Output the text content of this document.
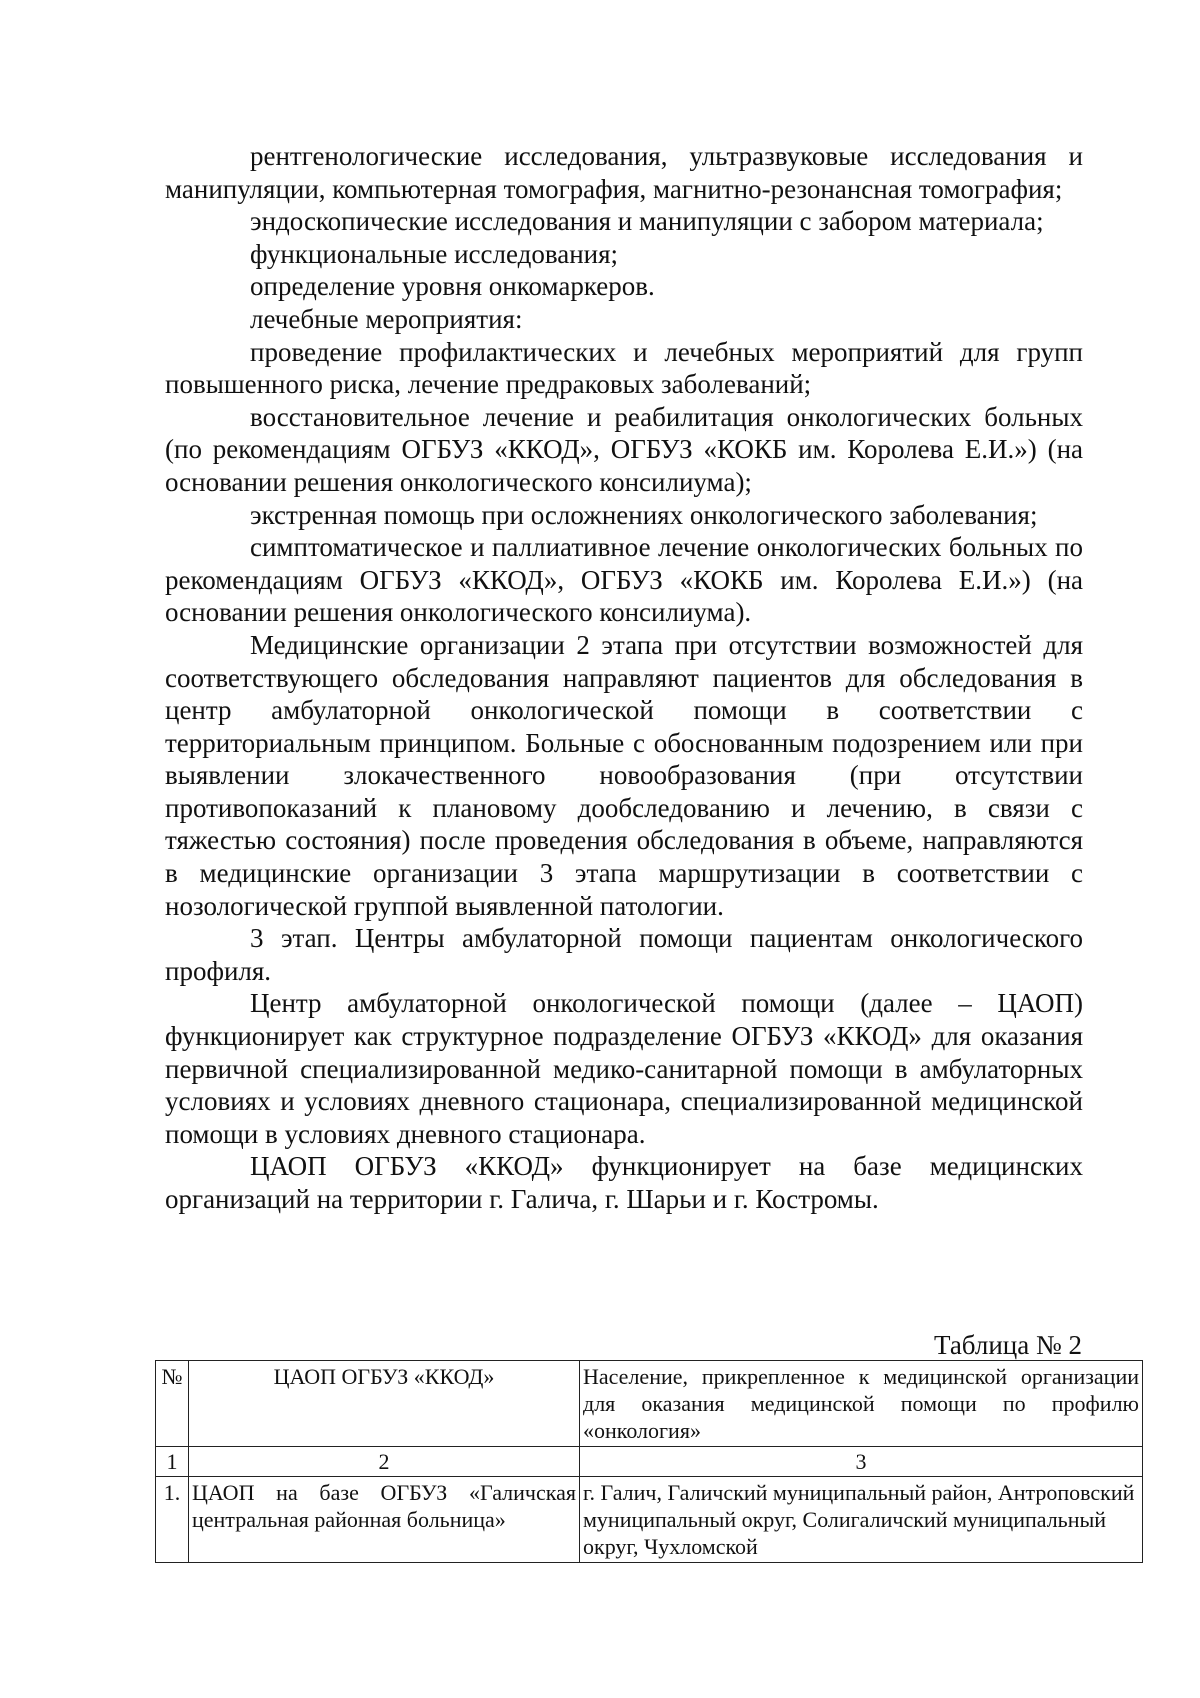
рентгенологические исследования, ультразвуковые исследования и манипуляции, компьютерная томография, магнитно-резонансная томография;

эндоскопические исследования и манипуляции с забором материала;

функциональные исследования;

определение уровня онкомаркеров.

лечебные мероприятия:

проведение профилактических и лечебных мероприятий для групп повышенного риска, лечение предраковых заболеваний;

восстановительное лечение и реабилитация онкологических больных (по рекомендациям ОГБУЗ «ККОД», ОГБУЗ «КОКБ им. Королева Е.И.») (на основании решения онкологического консилиума);

экстренная помощь при осложнениях онкологического заболевания;

симптоматическое и паллиативное лечение онкологических больных по рекомендациям ОГБУЗ «ККОД», ОГБУЗ «КОКБ им. Королева Е.И.») (на основании решения онкологического консилиума).

Медицинские организации 2 этапа при отсутствии возможностей для соответствующего обследования направляют пациентов для обследования в центр амбулаторной онкологической помощи в соответствии с территориальным принципом. Больные с обоснованным подозрением или при выявлении злокачественного новообразования (при отсутствии противопоказаний к плановому дообследованию и лечению, в связи с тяжестью состояния) после проведения обследования в объеме, направляются в медицинские организации 3 этапа маршрутизации в соответствии с нозологической группой выявленной патологии.

3 этап. Центры амбулаторной помощи пациентам онкологического профиля.

Центр амбулаторной онкологической помощи (далее – ЦАОП) функционирует как структурное подразделение ОГБУЗ «ККОД» для оказания первичной специализированной медико-санитарной помощи в амбулаторных условиях и условиях дневного стационара, специализированной медицинской помощи в условиях дневного стационара.

ЦАОП ОГБУЗ «ККОД» функционирует на базе медицинских организаций на территории г. Галича, г. Шарьи и г. Костромы.

Таблица № 2
№	ЦАОП ОГБУЗ «ККОД»	Население, прикрепленное к медицинской организации для оказания медицинской помощи по профилю «онкология»
1	2	3
1.	ЦАОП на базе ОГБУЗ «Галичская центральная районная больница»	г. Галич, Галичский муниципальный район, Антроповский муниципальный округ, Солигаличский муниципальный округ, Чухломской
